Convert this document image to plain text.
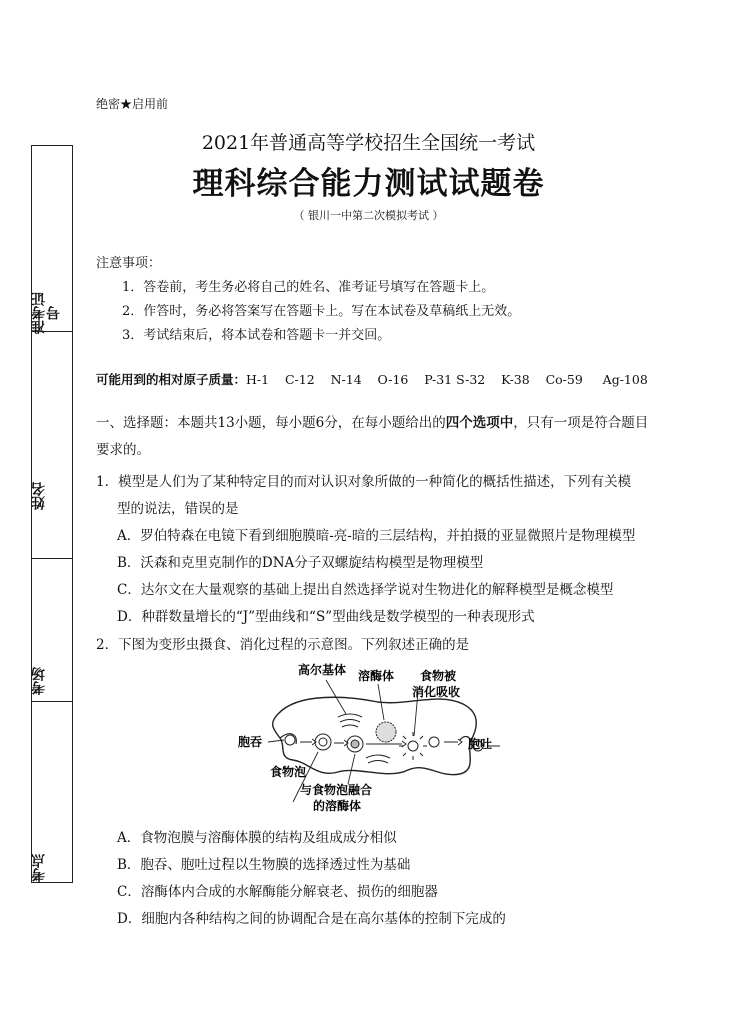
准考证号
姓名
考场
考点
绝密★启用前
2021年普通高等学校招生全国统一考试
理科综合能力测试试题卷
（ 银川一中第二次模拟考试 ）
注意事项：
1．答卷前，考生务必将自己的姓名、准考证号填写在答题卡上。
2．作答时，务必将答案写在答题卡上。写在本试卷及草稿纸上无效。
3．考试结束后，将本试卷和答题卡一并交回。
可能用到的相对原子质量：H-1    C-12    N-14    O-16    P-31 S-32    K-38    Co-59     Ag-108
一、选择题：本题共13小题，每小题6分，在每小题给出的四个选项中，只有一项是符合题目要求的。
1．模型是人们为了某种特定目的而对认识对象所做的一种简化的概括性描述，下列有关模
型的说法，错误的是
A．罗伯特森在电镜下看到细胞膜暗-亮-暗的三层结构，并拍摄的亚显微照片是物理模型
B．沃森和克里克制作的DNA分子双螺旋结构模型是物理模型
C．达尔文在大量观察的基础上提出自然选择学说对生物进化的解释模型是概念模型
D．种群数量增长的“J”型曲线和“S”型曲线是数学模型的一种表现形式
2．下图为变形虫摄食、消化过程的示意图。下列叙述正确的是
高尔基体 溶酶体 食物被
消化吸收
胞吞	胞吐
食物泡
与食物泡融合
的溶酶体
A．食物泡膜与溶酶体膜的结构及组成成分相似
B．胞吞、胞吐过程以生物膜的选择透过性为基础
C．溶酶体内合成的水解酶能分解衰老、损伤的细胞器
D．细胞内各种结构之间的协调配合是在高尔基体的控制下完成的
